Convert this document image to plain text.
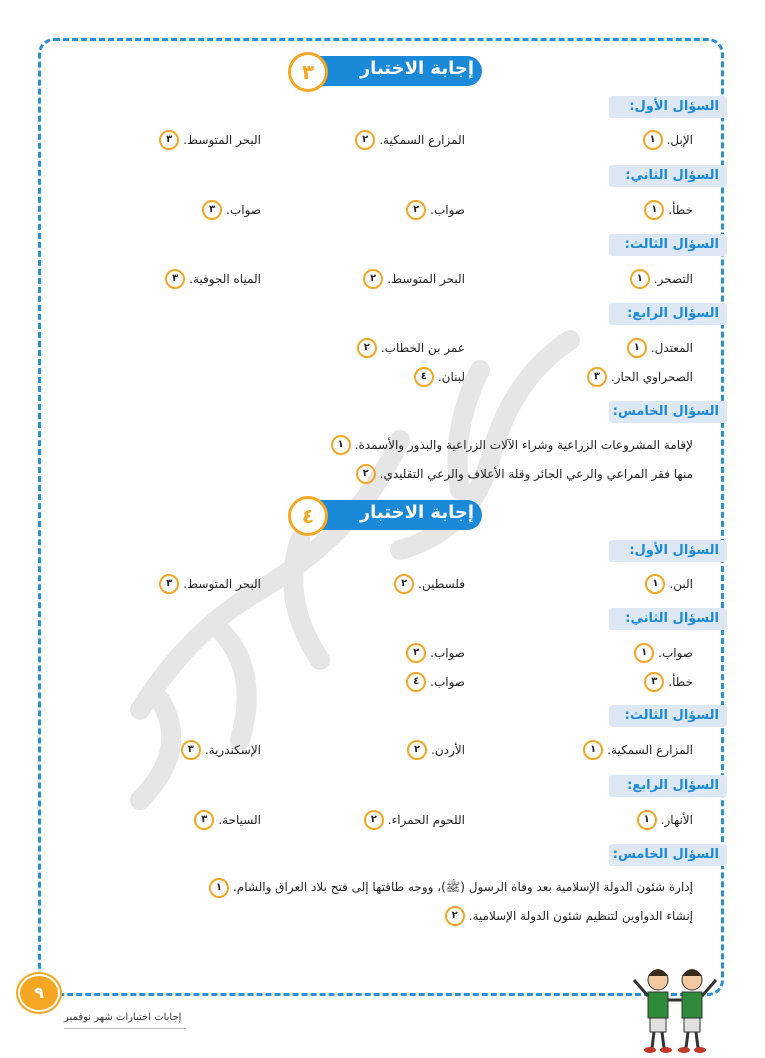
إجابة الاختبار
٣
السؤال الأول:
١ الإبل.
٢ المزارع السمكية.
٣ البحر المتوسط.
السؤال الثاني:
١ خطأ.
٢ صواب.
٣ صواب.
السؤال الثالث:
١ التصحر.
٢ البحر المتوسط.
٣ المياه الجوفية.
السؤال الرابع:
١ المعتدل.
٢ عمر بن الخطاب.
٣ الصحراوي الحار.
٤ لبنان.
السؤال الخامس:
١ لإقامة المشروعات الزراعية وشراء الآلات الزراعية والبذور والأسمدة.
٢ منها فقر المراعي والرعي الجائر وقلة الأعلاف والرعي التقليدي.
إجابة الاختبار
٤
السؤال الأول:
١ البن.
٢ فلسطين.
٣ البحر المتوسط.
السؤال الثاني:
١ صواب.
٢ صواب.
٣ خطأ.
٤ صواب.
السؤال الثالث:
١ المزارع السمكية.
٢ الأردن.
٣ الإسكندرية.
السؤال الرابع:
١ الأنهار.
٢ اللحوم الحمراء.
٣ السياحة.
السؤال الخامس:
١ إدارة شئون الدولة الإسلامية بعد وفاة الرسول (ﷺ)، ووجه طاقتها إلى فتح بلاد العراق والشام.
٢ إنشاء الدواوين لتنظيم شئون الدولة الإسلامية.
٩
إجابات اختبارات شهر نوفمبر
